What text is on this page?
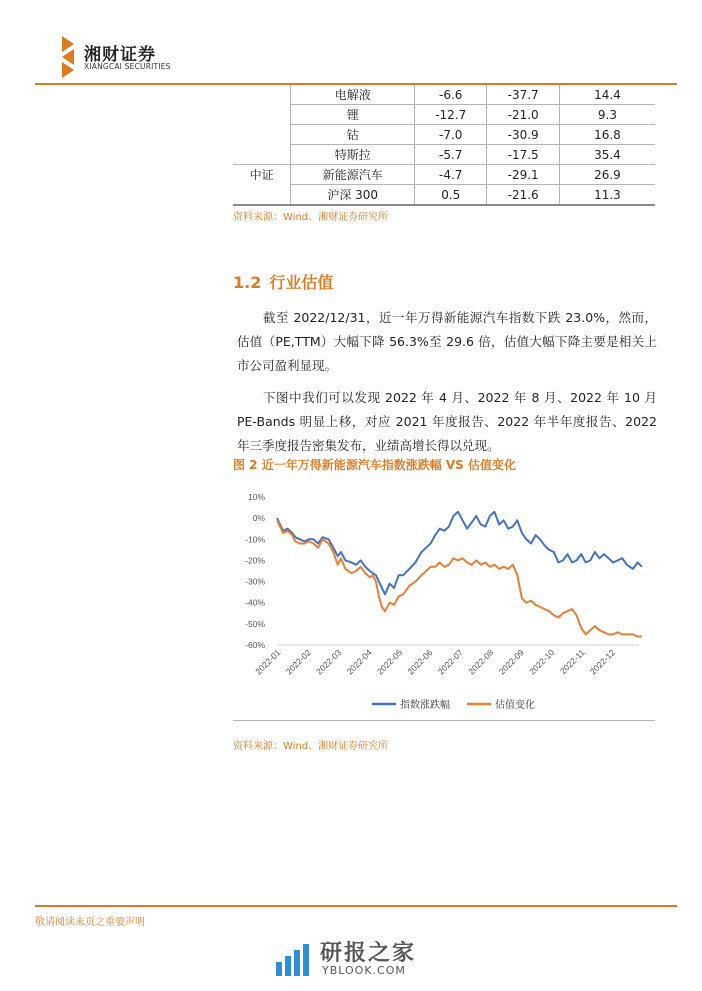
湘财证券
XIANGCAI SECURITIES
	电解液	-6.6	-37.7	14.4
	锂	-12.7	-21.0	9.3
	钴	-7.0	-30.9	16.8
	特斯拉	-5.7	-17.5	35.4
中证	新能源汽车	-4.7	-29.1	26.9
	沪深 300	0.5	-21.6	11.3
资料来源：Wind、湘财证券研究所
1.2 行业估值

截至 2022/12/31，近一年万得新能源汽车指数下跌 23.0%，然而，估值（PE,TTM）大幅下降 56.3%至 29.6 倍，估值大幅下降主要是相关上市公司盈利显现。

下图中我们可以发现 2022 年 4 月、2022 年 8 月、2022 年 10 月 PE-Bands 明显上移，对应 2021 年度报告、2022 年半年度报告、2022 年三季度报告密集发布，业绩高增长得以兑现。

图 2 近一年万得新能源汽车指数涨跌幅 VS 估值变化
10%
0%
-10%
-20%
-30%
-40%
-50%
-60%
2022-01 2022-02 2022-03 2022-04 2022-05 2022-06 2022-07 2022-08 2022-09 2022-10 2022-11 2022-12
指数涨跌幅	估值变化
资料来源：Wind、湘财证券研究所
敬请阅读末页之重要声明
研报之家
YBLOOK.COM
